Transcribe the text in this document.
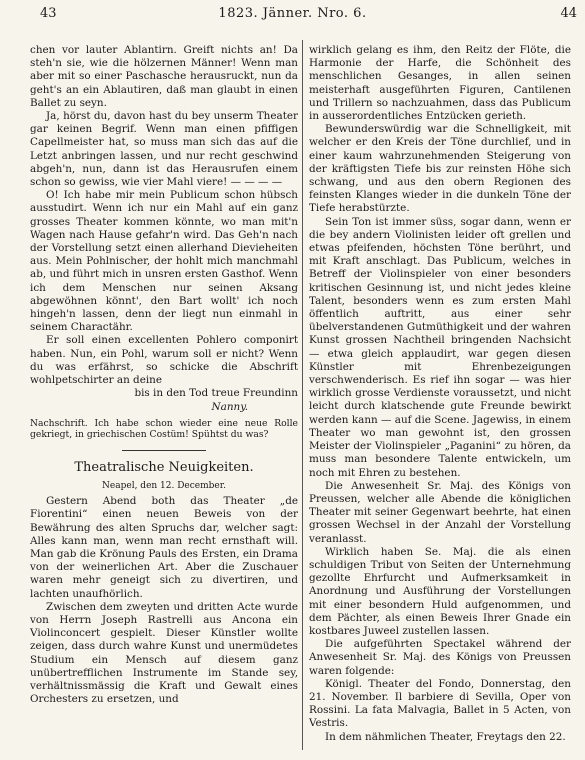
43	1823. Jänner. Nro. 6.	44

chen vor lauter Ablantirn. Greift nichts an! Da steh'n sie, wie die hölzernen Männer! Wenn man aber mit so einer Paschasche herausruckt, nun da geht's an ein Ablautiren, daß man glaubt in einen Ballet zu seyn.

Ja, hörst du, davon hast du bey unserm Theater gar keinen Begrif. Wenn man einen pfiffigen Capellmeister hat, so muss man sich das auf die Letzt anbringen lassen, und nur recht geschwind abgeh'n, nun, dann ist das Herausrufen einem schon so gewiss, wie vier Mahl viere! — — — —

O! Ich habe mir mein Publicum schon hübsch ausstudirt. Wenn ich nur ein Mahl auf ein ganz grosses Theater kommen könnte, wo man mit'n Wagen nach Hause gefahr'n wird. Das Geh'n nach der Vorstellung setzt einen allerhand Dievieheiten aus. Mein Pohlnischer, der hohlt mich manchmahl ab, und führt mich in unsren ersten Gasthof. Wenn ich dem Menschen nur seinen Aksang abgewöhnen könnt', den Bart wollt' ich noch hingeh'n lassen, denn der liegt nun einmahl in seinem Charactähr.

Er soll einen excellenten Pohlero componirt haben. Nun, ein Pohl, warum soll er nicht? Wenn du was erfährst, so schicke die Abschrift wohlpetschirter an deine

bis in den Tod treue Freundinn

Nanny.

Nachschrift. Ich habe schon wieder eine neue Rolle gekriegt, in griechischen Costüm! Spühtst du was?

Theatralische Neuigkeiten.

Neapel, den 12. December.

Gestern Abend both das Theater „de Fiorentini“ einen neuen Beweis von der Bewährung des alten Spruchs dar, welcher sagt: Alles kann man, wenn man recht ernsthaft will. Man gab die Krönung Pauls des Ersten, ein Drama von der weinerlichen Art. Aber die Zuschauer waren mehr geneigt sich zu divertiren, und lachten unaufhörlich.

Zwischen dem zweyten und dritten Acte wurde von Herrn Joseph Rastrelli aus Ancona ein Violinconcert gespielt. Dieser Künstler wollte zeigen, dass durch wahre Kunst und unermüdetes Studium ein Mensch auf diesem ganz unübertrefflichen Instrumente im Stande sey, verhältnissmässig die Kraft und Gewalt eines Orchesters zu ersetzen, und

wirklich gelang es ihm, den Reitz der Flöte, die Harmonie der Harfe, die Schönheit des menschlichen Gesanges, in allen seinen meisterhaft ausgeführten Figuren, Cantilenen und Trillern so nachzuahmen, dass das Publicum in ausserordentliches Entzücken gerieth.

Bewunderswürdig war die Schnelligkeit, mit welcher er den Kreis der Töne durchlief, und in einer kaum wahrzunehmenden Steigerung von der kräftigsten Tiefe bis zur reinsten Höhe sich schwang, und aus den obern Regionen des feinsten Klanges wieder in die dunkeln Töne der Tiefe herabstürzte.

Sein Ton ist immer süss, sogar dann, wenn er die bey andern Violinisten leider oft grellen und etwas pfeifenden, höchsten Töne berührt, und mit Kraft anschlagt. Das Publicum, welches in Betreff der Violinspieler von einer besonders kritischen Gesinnung ist, und nicht jedes kleine Talent, besonders wenn es zum ersten Mahl öffentlich auftritt, aus einer sehr übelverstandenen Gutmüthigkeit und der wahren Kunst grossen Nachtheil bringenden Nachsicht — etwa gleich applaudirt, war gegen diesen Künstler mit Ehrenbezeigungen verschwenderisch. Es rief ihn sogar — was hier wirklich grosse Verdienste voraussetzt, und nicht leicht durch klatschende gute Freunde bewirkt werden kann — auf die Scene. Jagewiss, in einem Theater wo man gewohnt ist, den grossen Meister der Violinspieler „Paganini“ zu hören, da muss man besondere Talente entwickeln, um noch mit Ehren zu bestehen.

Die Anwesenheit Sr. Maj. des Königs von Preussen, welcher alle Abende die königlichen Theater mit seiner Gegenwart beehrte, hat einen grossen Wechsel in der Anzahl der Vorstellung veranlasst.

Wirklich haben Se. Maj. die als einen schuldigen Tribut von Seiten der Unternehmung gezollte Ehrfurcht und Aufmerksamkeit in Anordnung und Ausführung der Vorstellungen mit einer besondern Huld aufgenommen, und dem Pächter, als einen Beweis Ihrer Gnade ein kostbares Juweel zustellen lassen.

Die aufgeführten Spectakel während der Anwesenheit Sr. Maj. des Königs von Preussen waren folgende:

Königl. Theater del Fondo, Donnerstag, den 21. November. Il barbiere di Sevilla, Oper von Rossini. La fata Malvagia, Ballet in 5 Acten, von Vestris.

In dem nähmlichen Theater, Freytags den 22.
